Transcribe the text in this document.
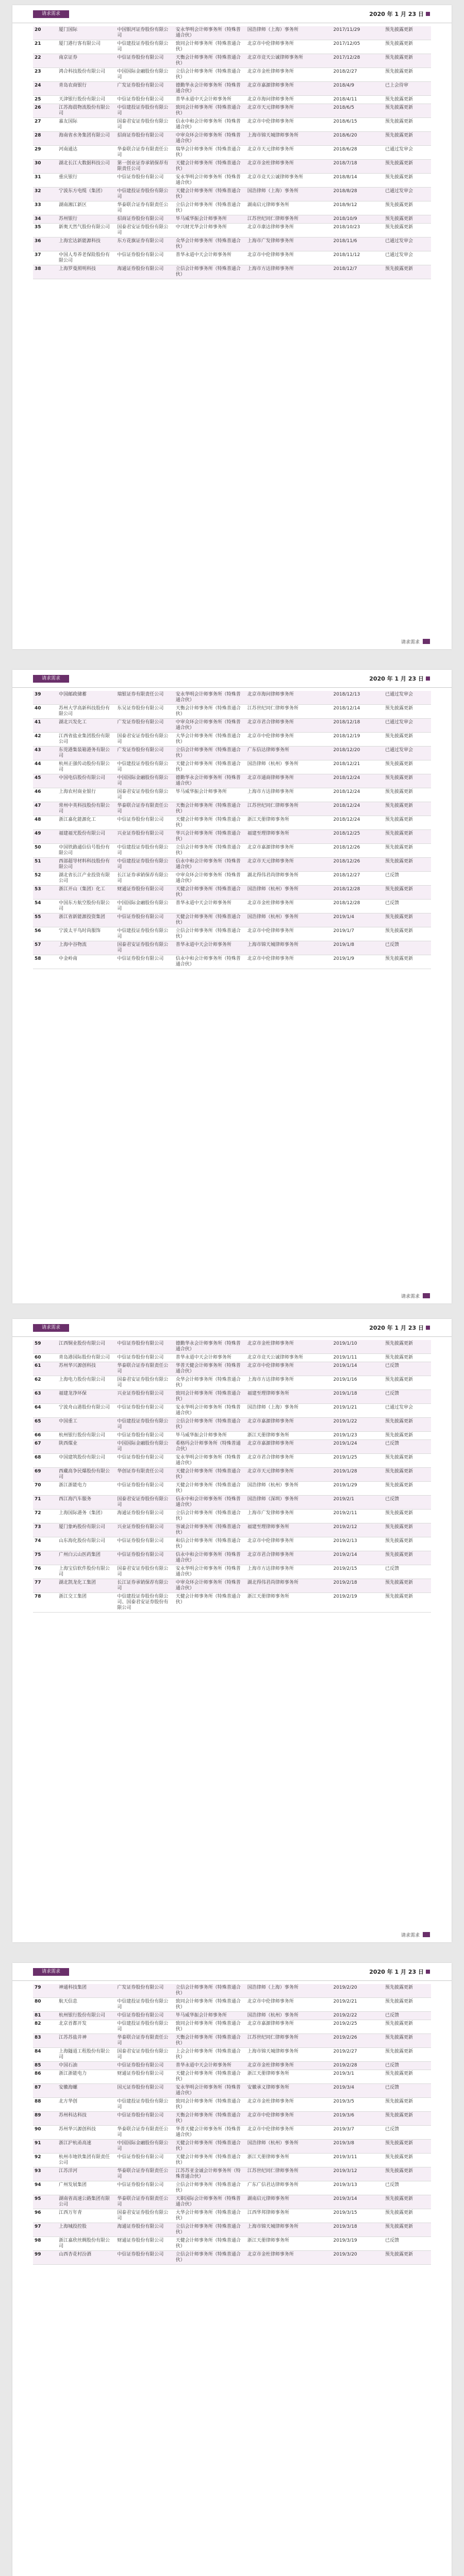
请求需求	2020 年 1 月 23 日
20	厦门国际	中国银河证券股份有限公司	安永华明会计师事务所（特殊普通合伙）	国浩律师（上海）事务所	2017/11/29	预先披露更新
21	厦门港行客有限公司	中信建投证券股份有限公司	致同会计师事务所（特殊普通合伙）	北京市中伦律师事务所	2017/12/05	预先披露更新
22	南京证券	中信证券股份有限公司	天衡会计师事务所（特殊普通合伙）	北京市竞天公诚律师事务所	2017/12/28	预先披露更新
23	鸿合科技股份有限公司	中国国际金融股份有限公司	立信会计师事务所（特殊普通合伙）	北京市金杜律师事务所	2018/2/27	预先披露更新
24	青岛农商银行	广发证券股份有限公司	德勤华永会计师事务所（特殊普通合伙）	北京市嘉源律师事务所	2018/4/9	已上会待审
25	天津银行股份有限公司	中信证券股份有限公司	普华永道中天会计师事务所	北京市海问律师事务所	2018/4/11	预先披露更新
26	江苏海晨物流股份有限公司	中信建投证券股份有限公司	致同会计师事务所（特殊普通合伙）	北京市天元律师事务所	2018/6/5	预先披露更新
27	嘉友国际	国泰君安证券股份有限公司	信永中和会计师事务所（特殊普通合伙）	北京市中伦律师事务所	2018/6/15	预先披露更新
28	海南省水务集团有限公司	招商证券股份有限公司	中审众环会计师事务所（特殊普通合伙）	上海市锦天城律师事务所	2018/6/20	预先披露更新
29	河南通达	华泰联合证券有限责任公司	瑞华会计师事务所（特殊普通合伙）	北京市天元律师事务所	2018/6/28	已通过发审会
30	湖北长江大数据科技公司	第一创业证券承销保荐有限责任公司	天健会计师事务所（特殊普通合伙）	北京市金杜律师事务所	2018/7/18	预先披露更新
31	重庆银行	中信证券股份有限公司	安永华明会计师事务所（特殊普通合伙）	北京市竞天公诚律师事务所	2018/8/14	预先披露更新
32	宁波东方电缆（集团）	中信建投证券股份有限公司	天健会计师事务所（特殊普通合伙）	国浩律师（上海）事务所	2018/8/28	已通过发审会
33	湖南湘江新区	华泰联合证券有限责任公司	立信会计师事务所（特殊普通合伙）	湖南启元律师事务所	2018/9/12	预先披露更新
34	苏州银行	招商证券股份有限公司	毕马威华振会计师事务所	江苏世纪同仁律师事务所	2018/10/9	预先披露更新
35	新奥天然气股份有限公司	国泰君安证券股份有限公司	中兴财光华会计师事务所	北京市康达律师事务所	2018/10/23	预先披露更新
36	上海宏达新能源科技	东方花旗证券有限公司	众华会计师事务所（特殊普通合伙）	上海市广发律师事务所	2018/11/6	已通过发审会
37	中国人寿养老保险股份有限公司	中信证券股份有限公司	普华永道中天会计师事务所	北京市中伦律师事务所	2018/11/12	已通过发审会
38	上海罗曼照明科技	海通证券股份有限公司	立信会计师事务所（特殊普通合伙）	上海市方达律师事务所	2018/12/7	预先披露更新
请求需求
请求需求	2020 年 1 月 23 日
39	中国邮政储蓄	瑞银证券有限责任公司	安永华明会计师事务所（特殊普通合伙）	北京市海问律师事务所	2018/12/13	已通过发审会
40	苏州大学高新科技股份有限公司	东吴证券股份有限公司	天衡会计师事务所（特殊普通合伙）	江苏世纪同仁律师事务所	2018/12/14	预先披露更新
41	湖北兴发化工	广发证券股份有限公司	中审众环会计师事务所（特殊普通合伙）	北京市君合律师事务所	2018/12/18	已通过发审会
42	江西省盐业集团股份有限公司	国泰君安证券股份有限公司	大华会计师事务所（特殊普通合伙）	北京市中伦律师事务所	2018/12/19	预先披露更新
43	东莞港集装箱港务有限公司	广发证券股份有限公司	立信会计师事务所（特殊普通合伙）	广东信达律师事务所	2018/12/20	已通过发审会
44	杭州正强传动股份有限公司	中信建投证券股份有限公司	天健会计师事务所（特殊普通合伙）	国浩律师（杭州）事务所	2018/12/21	预先披露更新
45	中国电信股份有限公司	中国国际金融股份有限公司	德勤华永会计师事务所（特殊普通合伙）	北京市通商律师事务所	2018/12/24	预先披露更新
46	上海农村商业银行	国泰君安证券股份有限公司	毕马威华振会计师事务所	上海市方达律师事务所	2018/12/24	预先披露更新
47	常州中英科技股份有限公司	华泰联合证券有限责任公司	天衡会计师事务所（特殊普通合伙）	江苏世纪同仁律师事务所	2018/12/24	预先披露更新
48	浙江嘉化能源化工	中信证券股份有限公司	天健会计师事务所（特殊普通合伙）	浙江天册律师事务所	2018/12/24	预先披露更新
49	福建福光股份有限公司	兴业证券股份有限公司	华兴会计师事务所（特殊普通合伙）	福建至理律师事务所	2018/12/25	预先披露更新
50	中国铁路通信信号股份有限公司	中信建投证券股份有限公司	立信会计师事务所（特殊普通合伙）	北京市嘉源律师事务所	2018/12/26	预先披露更新
51	西部超导材料科技股份有限公司	中信建投证券股份有限公司	信永中和会计师事务所（特殊普通合伙）	北京市天元律师事务所	2018/12/26	预先披露更新
52	湖北省长江产业投资有限公司	长江证券承销保荐有限公司	中审众环会计师事务所（特殊普通合伙）	湖北得伟君尚律师事务所	2018/12/27	已反馈
53	浙江开山（集团）化工	财通证券股份有限公司	天健会计师事务所（特殊普通合伙）	国浩律师（杭州）事务所	2018/12/28	预先披露更新
54	中国东方航空股份有限公司	中国国际金融股份有限公司	普华永道中天会计师事务所	北京市金杜律师事务所	2018/12/28	已反馈
55	浙江省新能源投资集团	中信证券股份有限公司	天健会计师事务所（特殊普通合伙）	国浩律师（杭州）事务所	2019/1/4	预先披露更新
56	宁波太平鸟时尚服饰	中信建投证券股份有限公司	立信会计师事务所（特殊普通合伙）	北京市中伦律师事务所	2019/1/7	预先披露更新
57	上海中谷物流	国泰君安证券股份有限公司	普华永道中天会计师事务所	上海市锦天城律师事务所	2019/1/8	已反馈
58	中金岭南	中信证券股份有限公司	信永中和会计师事务所（特殊普通合伙）	北京市中伦律师事务所	2019/1/9	预先披露更新
请求需求
请求需求	2020 年 1 月 23 日
59	江西铜业股份有限公司	中信证券股份有限公司	德勤华永会计师事务所（特殊普通合伙）	北京市金杜律师事务所	2019/1/10	预先披露更新
60	青岛港国际股份有限公司	中信证券股份有限公司	普华永道中天会计师事务所	北京市竞天公诚律师事务所	2019/1/11	预先披露更新
61	苏州华兴源创科技	华泰联合证券有限责任公司	华普天健会计师事务所（特殊普通合伙）	北京市中伦律师事务所	2019/1/14	已反馈
62	上海电力股份有限公司	国泰君安证券股份有限公司	众华会计师事务所（特殊普通合伙）	上海市方达律师事务所	2019/1/16	预先披露更新
63	福建龙净环保	兴业证券股份有限公司	致同会计师事务所（特殊普通合伙）	福建至理律师事务所	2019/1/18	已反馈
64	宁波舟山港股份有限公司	中信证券股份有限公司	安永华明会计师事务所（特殊普通合伙）	国浩律师（上海）事务所	2019/1/21	已通过发审会
65	中国重工	中信建投证券股份有限公司	立信会计师事务所（特殊普通合伙）	北京市嘉源律师事务所	2019/1/22	预先披露更新
66	杭州银行股份有限公司	中信证券股份有限公司	毕马威华振会计师事务所	浙江天册律师事务所	2019/1/23	预先披露更新
67	陕西煤业	中国国际金融股份有限公司	希格玛会计师事务所（特殊普通合伙）	北京市嘉源律师事务所	2019/1/24	已反馈
68	中国建筑股份有限公司	中信证券股份有限公司	安永华明会计师事务所（特殊普通合伙）	北京市君合律师事务所	2019/1/25	预先披露更新
69	西藏高争民爆股份有限公司	华创证券有限责任公司	天健会计师事务所（特殊普通合伙）	北京市天元律师事务所	2019/1/28	预先披露更新
70	浙江浙能电力	中信证券股份有限公司	天健会计师事务所（特殊普通合伙）	国浩律师（杭州）事务所	2019/1/29	预先披露更新
71	西江海汽车服务	国泰君安证券股份有限公司	信永中和会计师事务所（特殊普通合伙）	国浩律师（深圳）事务所	2019/2/1	已反馈
72	上海国际港务（集团）	海通证券股份有限公司	立信会计师事务所（特殊普通合伙）	上海市广发律师事务所	2019/2/11	预先披露更新
73	厦门象屿股份有限公司	兴业证券股份有限公司	容诚会计师事务所（特殊普通合伙）	福建至理律师事务所	2019/2/12	预先披露更新
74	山东海化股份有限公司	中信证券股份有限公司	和信会计师事务所（特殊普通合伙）	北京市中伦律师事务所	2019/2/13	预先披露更新
75	广州白云山医药集团	中信证券股份有限公司	信永中和会计师事务所（特殊普通合伙）	北京市君合律师事务所	2019/2/14	预先披露更新
76	上海宝信软件股份有限公司	国泰君安证券股份有限公司	安永华明会计师事务所（特殊普通合伙）	上海市方达律师事务所	2019/2/15	已反馈
77	湖北凯龙化工集团	长江证券承销保荐有限公司	中审众环会计师事务所（特殊普通合伙）	湖北得伟君尚律师事务所	2019/2/18	预先披露更新
78	浙江交工集团	中信建投证券股份有限公司、国泰君安证券股份有限公司	天健会计师事务所（特殊普通合伙）	浙江天册律师事务所	2019/2/19	预先披露更新
请求需求
请求需求	2020 年 1 月 23 日
79	神通科技集团	广发证券股份有限公司	立信会计师事务所（特殊普通合伙）	国浩律师（上海）事务所	2019/2/20	预先披露更新
80	航天信息	中信建投证券股份有限公司	致同会计师事务所（特殊普通合伙）	北京市中伦律师事务所	2019/2/21	预先披露更新
81	杭州银行股份有限公司	中信证券股份有限公司	毕马威华振会计师事务所	国浩律师（杭州）事务所	2019/2/22	已反馈
82	北京首都开发	中信建投证券股份有限公司	致同会计师事务所（特殊普通合伙）	北京市嘉源律师事务所	2019/2/25	预先披露更新
83	江苏苏盐井神	华泰联合证券有限责任公司	天衡会计师事务所（特殊普通合伙）	江苏世纪同仁律师事务所	2019/2/26	预先披露更新
84	上海隧道工程股份有限公司	国泰君安证券股份有限公司	上会会计师事务所（特殊普通合伙）	上海市锦天城律师事务所	2019/2/27	预先披露更新
85	中国石油	中信证券股份有限公司	普华永道中天会计师事务所	北京市金杜律师事务所	2019/2/28	已反馈
86	浙江浙能电力	财通证券股份有限公司	天健会计师事务所（特殊普通合伙）	浙江天册律师事务所	2019/3/1	预先披露更新
87	安徽海螺	国元证券股份有限公司	安永华明会计师事务所（特殊普通合伙）	安徽承义律师事务所	2019/3/4	已反馈
88	北方华创	中信建投证券股份有限公司	致同会计师事务所（特殊普通合伙）	北京市金杜律师事务所	2019/3/5	预先披露更新
89	苏州科达科技	中信证券股份有限公司	天衡会计师事务所（特殊普通合伙）	北京市中伦律师事务所	2019/3/6	预先披露更新
90	苏州华兴源创科技	华泰联合证券有限责任公司	华普天健会计师事务所（特殊普通合伙）	北京市中伦律师事务所	2019/3/7	已反馈
91	浙江沪杭甬高速	中国国际金融股份有限公司	天健会计师事务所（特殊普通合伙）	国浩律师（杭州）事务所	2019/3/8	预先披露更新
92	杭州市地铁集团有限责任公司	中信证券股份有限公司	天健会计师事务所（特殊普通合伙）	浙江天册律师事务所	2019/3/11	预先披露更新
93	江苏洋河	华泰联合证券有限责任公司	江苏苏亚金诚会计师事务所（特殊普通合伙）	江苏世纪同仁律师事务所	2019/3/12	预先披露更新
94	广州发展集团	中信证券股份有限公司	立信会计师事务所（特殊普通合伙）	广东广信君达律师事务所	2019/3/13	已反馈
95	湖南省高速公路集团有限公司	华泰联合证券有限责任公司	天职国际会计师事务所（特殊普通合伙）	湖南启元律师事务所	2019/3/14	预先披露更新
96	江西万年青	国泰君安证券股份有限公司	大华会计师事务所（特殊普通合伙）	江西华邦律师事务所	2019/3/15	预先披露更新
97	上海城投控股	海通证券股份有限公司	立信会计师事务所（特殊普通合伙）	上海市锦天城律师事务所	2019/3/18	预先披露更新
98	浙江嘉欣丝绸股份有限公司	财通证券股份有限公司	天健会计师事务所（特殊普通合伙）	浙江天册律师事务所	2019/3/19	已反馈
99	山西杏花村汾酒	中信证券股份有限公司	立信会计师事务所（特殊普通合伙）	北京市金杜律师事务所	2019/3/20	预先披露更新
